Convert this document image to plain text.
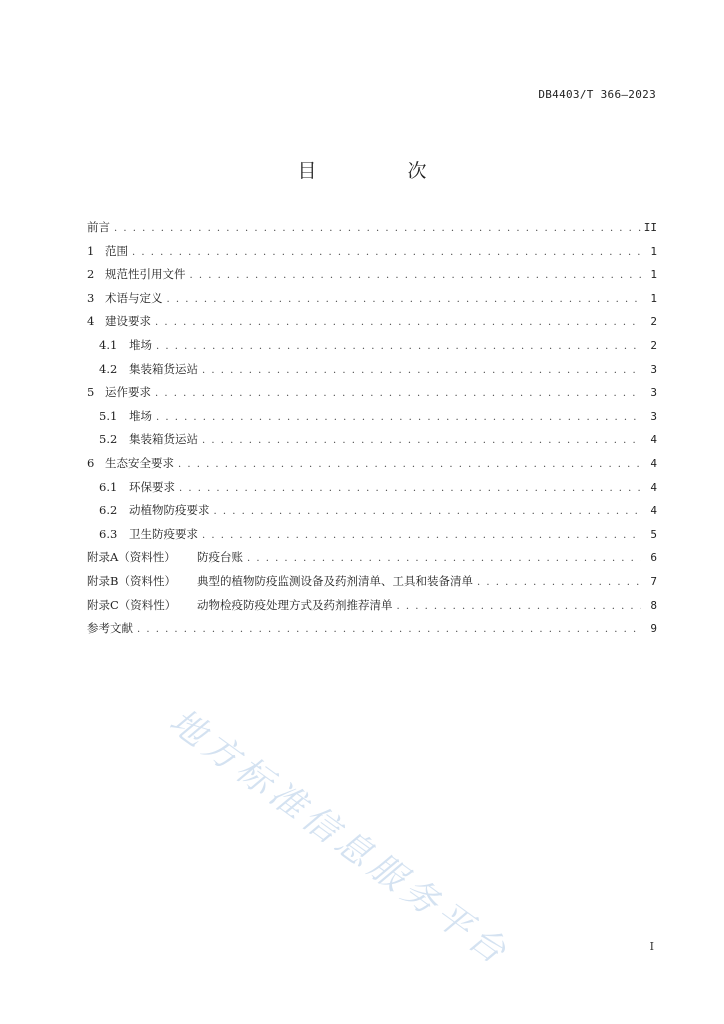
DB4403/T 366—2023
目　次
前言 . . .	II
1 范围 . . .	1
2 规范性引用文件 . . .	1
3 术语与定义 . . .	1
4 建设要求 . . .	2
4.1	堆场 . . .	2
4.2	集装箱货运站 . . .	3
5 运作要求 . . .	3
5.1	堆场 . . .	3
5.2	集装箱货运站 . . .	4
6 生态安全要求 . . .	4
6.1	环保要求 . . .	4
6.2	动植物防疫要求 . . .	4
6.3	卫生防疫要求 . . .	5
附录A（资料性）	防疫台账 . . .	6
附录B（资料性）	典型的植物防疫监测设备及药剂清单、工具和装备清单 . . .	7
附录C（资料性）	动物检疫防疫处理方式及药剂推荐清单 . . .	8
参考文献 . . .	9
地方标准信息服务平台	I
